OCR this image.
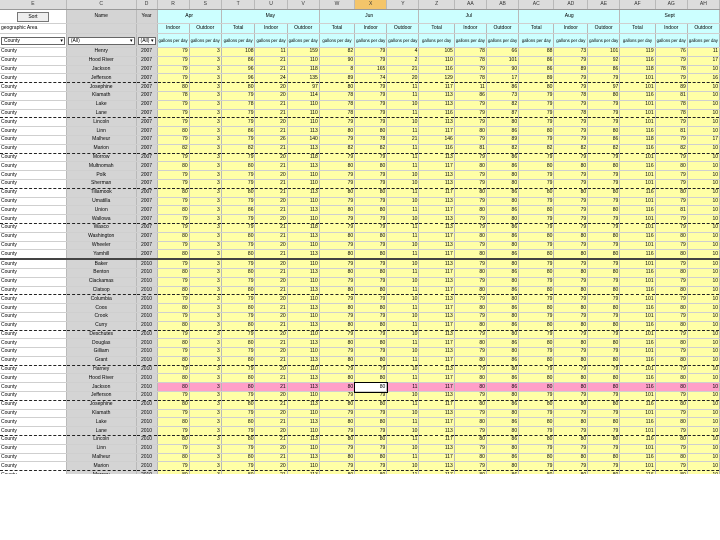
E	C	D	R	S	T	U	V	W	X	Y	Z	AA	AB	AC	AD	AE	AF	AG	AH
Sort	Name	Year	Apr		May			Jun			Jul			Aug			Sept		
geographic Area			Indoor	Outdoor	Total	Indoor	Outdoor	Total	Indoor	Outdoor	Total	Indoor	Outdoor	Total	Indoor	Outdoor	Total	Indoor	Outdoor
County ▾	(All) ▾	(All) ▾	gallons per day	gallons per day	gallons per day	gallons per day	gallons per day	gallons per day	gallons per day	gallons per day	gallons per day	gallons per day	gallons per day	gallons per day	gallons per day	gallons per day	gallons per day	gallons per day	gallons per day
County	Henry	2007	79	3	108	11	159	82	79	4	105	78	66	88	73	101	119	76	11
County	Hood River	2007	79	3	86	21	110	90	79	2	110	78	101	86	79	92	116	79	17
County	Jackson	2007	79	3	96	21	118	8	165	21	116	79	90	86	89	86	118	78	10
County	Jefferson	2007	79	3	96	24	135	89	74	20	129	78	17	89	79	79	101	79	16
County	Josephine	2007	80	3	80	20	97	80	79	11	117	11	86	80	79	97	101	89	10
County	Klamath	2007	78	3	79	20	114	78	79	11	113	86	73	79	78	80	116	81	10
County	Lake	2007	79	3	78	21	110	78	79	10	113	79	82	79	79	79	101	78	10
County	Lane	2007	79	3	79	21	110	78	79	11	116	79	87	79	78	79	101	78	10
County	Lincoln	2007	79	3	79	20	110	79	79	10	113	79	80	79	79	79	101	79	10
County	Linn	2007	80	3	86	21	113	80	80	11	117	80	86	80	79	80	116	81	10
County	Malheur	2007	79	3	79	26	140	79	78	21	146	79	89	79	79	86	118	79	17
County	Marion	2007	82	3	82	21	113	82	82	11	116	81	82	82	82	82	116	82	10
County	Morrow	2007	79	3	79	20	118	79	79	11	113	79	86	79	79	79	101	79	10
County	Multnomah	2007	80	3	80	21	113	80	80	11	117	80	86	80	80	80	116	80	10
County	Polk	2007	79	3	79	20	110	79	79	10	113	79	80	79	79	79	101	79	10
County	Sherman	2007	79	3	79	21	110	79	79	10	113	79	80	79	79	79	101	79	10
County	Tillamook	2007	80	3	80	21	113	80	80	11	117	80	86	80	80	80	116	80	10
County	Umatilla	2007	79	3	79	20	110	79	79	10	113	79	80	79	79	79	101	79	10
County	Union	2007	80	3	86	21	113	80	80	11	117	80	86	80	79	80	116	81	10
County	Wallowa	2007	79	3	79	20	110	79	79	10	113	79	80	79	79	79	101	79	10
County	Wasco	2007	79	3	79	21	118	79	79	11	113	79	86	79	79	79	101	79	10
County	Washington	2007	80	3	80	21	113	80	80	11	117	80	86	80	80	80	116	80	10
County	Wheeler	2007	79	3	79	20	110	79	79	10	113	79	80	79	79	79	101	79	10
County	Yamhill	2007	80	3	80	21	113	80	80	11	117	80	86	80	80	80	116	80	10
County	Baker	2010	79	3	79	20	110	79	79	10	113	79	80	79	79	79	101	79	10
County	Benton	2010	80	3	80	21	113	80	80	11	117	80	86	80	80	80	116	80	10
County	Clackamas	2010	79	3	79	20	110	79	79	10	113	79	80	79	79	79	101	79	10
County	Clatsop	2010	80	3	80	21	113	80	80	11	117	80	86	80	80	80	116	80	10
County	Columbia	2010	79	3	79	20	110	79	79	10	113	79	80	79	79	79	101	79	10
County	Coos	2010	80	3	80	21	113	80	80	11	117	80	86	80	80	80	116	80	10
County	Crook	2010	79	3	79	20	110	79	79	10	113	79	80	79	79	79	101	79	10
County	Curry	2010	80	3	80	21	113	80	80	11	117	80	86	80	80	80	116	80	10
County	Deschutes	2010	79	3	79	20	110	79	79	10	113	79	80	79	79	79	101	79	10
County	Douglas	2010	80	3	80	21	113	80	80	11	117	80	86	80	80	80	116	80	10
County	Gilliam	2010	79	3	79	20	110	79	79	10	113	79	80	79	79	79	101	79	10
County	Grant	2010	80	3	80	21	113	80	80	11	117	80	86	80	80	80	116	80	10
County	Harney	2010	79	3	79	20	110	79	79	10	113	79	80	79	79	79	101	79	10
County	Hood River	2010	80	3	80	21	113	80	80	11	117	80	86	80	80	80	116	80	10
County	Jackson	2010	80	3	80	21	113	80	80	11	117	80	86	80	80	80	116	80	10
County	Jefferson	2010	79	3	79	20	110	79	79	10	113	79	80	79	79	79	101	79	10
County	Josephine	2010	80	3	80	21	113	80	80	11	117	80	86	80	80	80	116	80	10
County	Klamath	2010	79	3	79	20	110	79	79	10	113	79	80	79	79	79	101	79	10
County	Lake	2010	80	3	80	21	113	80	80	11	117	80	86	80	80	80	116	80	10
County	Lane	2010	79	3	79	20	110	79	79	10	113	79	80	79	79	79	101	79	10
County	Lincoln	2010	80	3	80	21	113	80	80	11	117	80	86	80	80	80	116	80	10
County	Linn	2010	79	3	79	20	110	79	79	10	113	79	80	79	79	79	101	79	10
County	Malheur	2010	80	3	80	21	113	80	80	11	117	80	86	80	80	80	116	80	10
County	Marion	2010	79	3	79	20	110	79	79	10	113	79	80	79	79	79	101	79	10
